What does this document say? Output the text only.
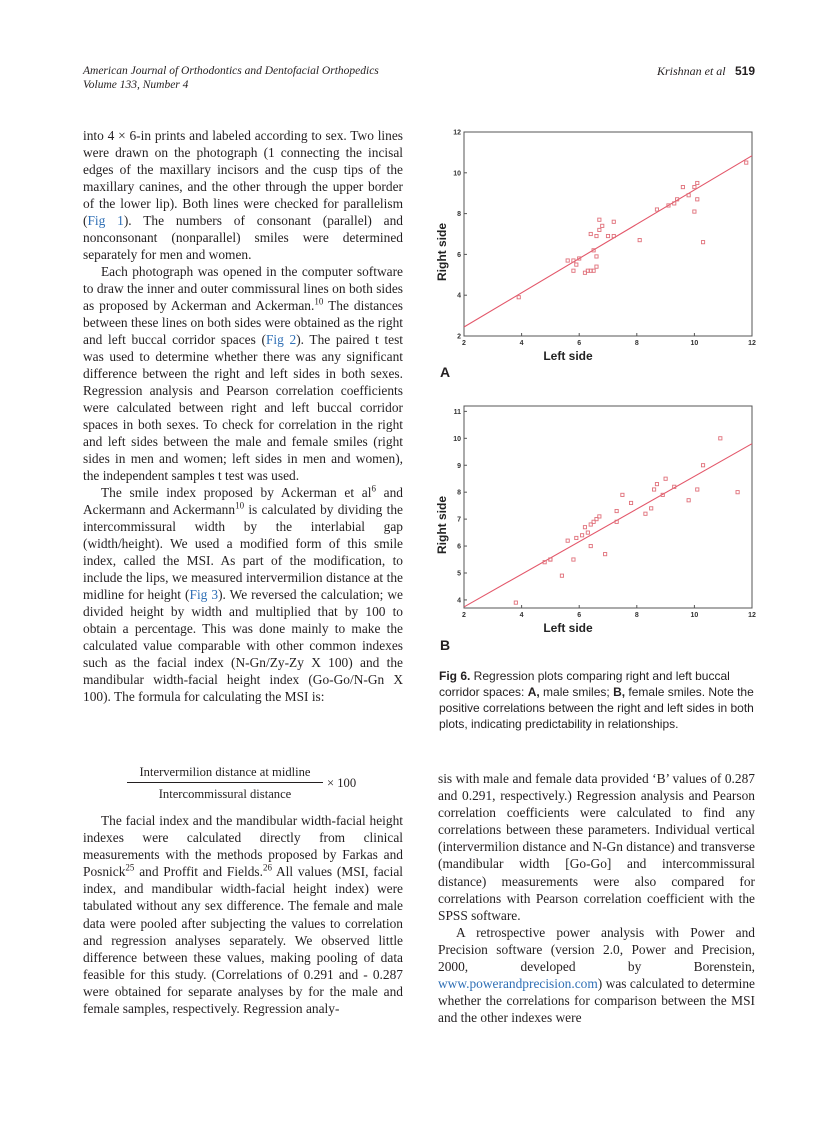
American Journal of Orthodontics and Dentofacial Orthopedics
Volume 133, Number 4
Krishnan et al 519

into 4 × 6-in prints and labeled according to sex. Two lines were drawn on the photograph (1 connecting the incisal edges of the maxillary incisors and the cusp tips of the maxillary canines, and the other through the upper border of the lower lip). Both lines were checked for parallelism (Fig 1). The numbers of consonant (parallel) and nonconsonant (nonparallel) smiles were determined separately for men and women.

Each photograph was opened in the computer software to draw the inner and outer commissural lines on both sides as proposed by Ackerman and Ackerman.$^{10}$ The distances between these lines on both sides were obtained as the right and left buccal corridor spaces (Fig 2). The paired t test was used to determine whether there was any significant difference between the right and left sides in both sexes. Regression analysis and Pearson correlation coefficients were calculated between right and left buccal corridor spaces in both sexes. To check for correlation in the right and left sides between the male and female smiles (right sides in men and women; left sides in men and women), the independent samples t test was used.

The smile index proposed by Ackerman et $al^6$ and Ackermann and Ackermann$^{10}$ is calculated by dividing the intercommissural width by the interlabial gap (width/height). We used a modified form of this smile index, called the MSI. As part of the modification, to include the lips, we measured intervermilion distance at the midline for height (Fig 3). We reversed the calculation; we divided height by width and multiplied that by 100 to obtain a percentage. This was done mainly to make the calculated value comparable with other common indexes such as the facial index (N-Gn/Zy-Zy X 100) and the mandibular width-facial height index (Go-Go/N-Gn X 100). The formula for calculating the MSI is:

Intervermilion distance at midline
Intercommissural distance
× 100

The facial index and the mandibular width-facial height indexes were calculated directly from clinical measurements with the methods proposed by Farkas and Posnick$^{25}$ and Proffit and Fields.$^{26}$ All values (MSI, facial index, and mandibular width-facial height index) were tabulated without any sex difference. The female and male data were pooled after subjecting the values to correlation and regression analyses separately. We observed little difference between these values, making pooling of data feasible for this study. (Correlations of 0.291 and - 0.287 were obtained for separate analyses by for the male and female samples, respectively. Regression analy-

sis with male and female data provided ‘B’ values of 0.287 and 0.291, respectively.) Regression analysis and Pearson correlation coefficients were calculated to find any correlations between these parameters. Individual vertical (intervermilion distance and N-Gn distance) and transverse (mandibular width [Go-Go] and intercommissural distance) measurements were also compared for correlations with Pearson correlation coefficient with the SPSS software.

A retrospective power analysis with Power and Precision software (version 2.0, Power and Precision, 2000, developed by Borenstein, www.powerandprecision.com) was calculated to determine whether the correlations for comparison between the MSI and the other indexes were

2	4	6	8	10	12
2
4
6
8
10
12
Left side
Right side
2	4	6	8	10	12
4
5
6
7
8
9
10
11
Left side
Right side
A
B
Fig 6. Regression plots comparing right and left buccal corridor spaces: A, male smiles; B, female smiles. Note the positive correlations between the right and left sides in both plots, indicating predictability in relationships.
